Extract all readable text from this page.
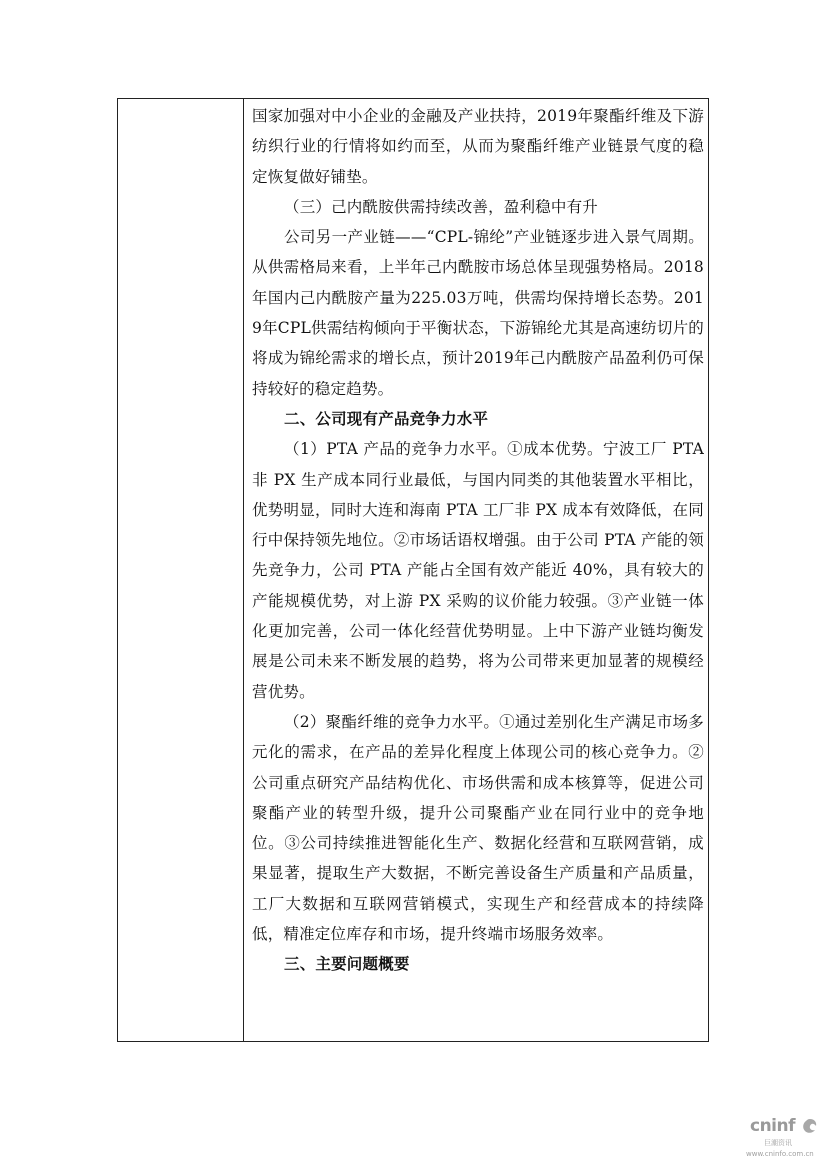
国家加强对中小企业的金融及产业扶持，2019年聚酯纤维及下游纺织行业的行情将如约而至，从而为聚酯纤维产业链景气度的稳定恢复做好铺垫。

（三）己内酰胺供需持续改善，盈利稳中有升

公司另一产业链——“CPL-锦纶”产业链逐步进入景气周期。从供需格局来看，上半年己内酰胺市场总体呈现强势格局。2018年国内己内酰胺产量为225.03万吨，供需均保持增长态势。2019年CPL供需结构倾向于平衡状态，下游锦纶尤其是高速纺切片的将成为锦纶需求的增长点，预计2019年己内酰胺产品盈利仍可保持较好的稳定趋势。

二、公司现有产品竞争力水平

（1）PTA 产品的竞争力水平。①成本优势。宁波工厂 PTA 非 PX 生产成本同行业最低，与国内同类的其他装置水平相比，优势明显，同时大连和海南 PTA 工厂非 PX 成本有效降低，在同行中保持领先地位。②市场话语权增强。由于公司 PTA 产能的领先竞争力，公司 PTA 产能占全国有效产能近 40%，具有较大的产能规模优势，对上游 PX 采购的议价能力较强。③产业链一体化更加完善，公司一体化经营优势明显。上中下游产业链均衡发展是公司未来不断发展的趋势，将为公司带来更加显著的规模经营优势。

（2）聚酯纤维的竞争力水平。①通过差别化生产满足市场多元化的需求，在产品的差异化程度上体现公司的核心竞争力。②公司重点研究产品结构优化、市场供需和成本核算等，促进公司聚酯产业的转型升级，提升公司聚酯产业在同行业中的竞争地位。③公司持续推进智能化生产、数据化经营和互联网营销，成果显著，提取生产大数据，不断完善设备生产质量和产品质量，工厂大数据和互联网营销模式，实现生产和经营成本的持续降低，精准定位库存和市场，提升终端市场服务效率。

三、主要问题概要

cninf
巨潮资讯
www.cninfo.com.cn
